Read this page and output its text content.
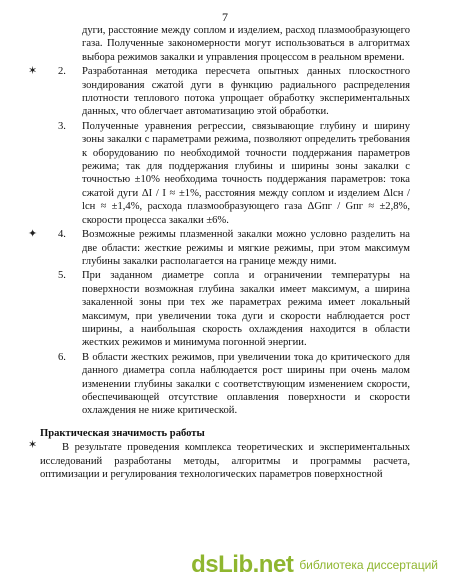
7
дуги, расстояние между соплом и изделием, расход плазмообразующего газа. Полученные закономерности могут использоваться в алгоритмах выбора режимов закалки и управления процессом в реальном времени.
✶ 2. Разработанная методика пересчета опытных данных плоскостного зондирования сжатой дуги в функцию радиального распределения плотности теплового потока упрощает обработку экспериментальных данных, что облегчает автоматизацию этой обработки.
3. Полученные уравнения регрессии, связывающие глубину и ширину зоны закалки с параметрами режима, позволяют определить требования к оборудованию по необходимой точности поддержания параметров режима; так для поддержания глубины и ширины зоны закалки с точностью ±10% необходима точность поддержания параметров: тока сжатой дуги ΔI / I ≈ ±1%, расстояния между соплом и изделием Δlсн / lсн ≈ ±1,4%, расхода плазмообразующего газа ΔGпг / Gпг ≈ ±2,8%, скорости процесса закалки ±6%.
✦ 4. Возможные режимы плазменной закалки можно условно разделить на две области: жесткие режимы и мягкие режимы, при этом максимум глубины закалки располагается на границе между ними.
5. При заданном диаметре сопла и ограничении температуры на поверхности возможная глубина закалки имеет максимум, а ширина закаленной зоны при тех же параметрах режима имеет локальный максимум, при увеличении тока дуги и скорости наблюдается рост ширины, а наибольшая скорость охлаждения находится в области жестких режимов и минимума погонной энергии.
6. В области жестких режимов, при увеличении тока до критического для данного диаметра сопла наблюдается рост ширины при очень малом изменении глубины закалки с соответствующим изменением скорости, обеспечивающей отсутствие оплавления поверхности и скорости охлаждения не ниже критической.
Практическая значимость работы
✶	В результате проведения комплекса теоретических и экспериментальных исследований разработаны методы, алгоритмы и программы расчета, оптимизации и регулирования технологических параметров поверхностной
dsLib.net библиотека диссертаций
